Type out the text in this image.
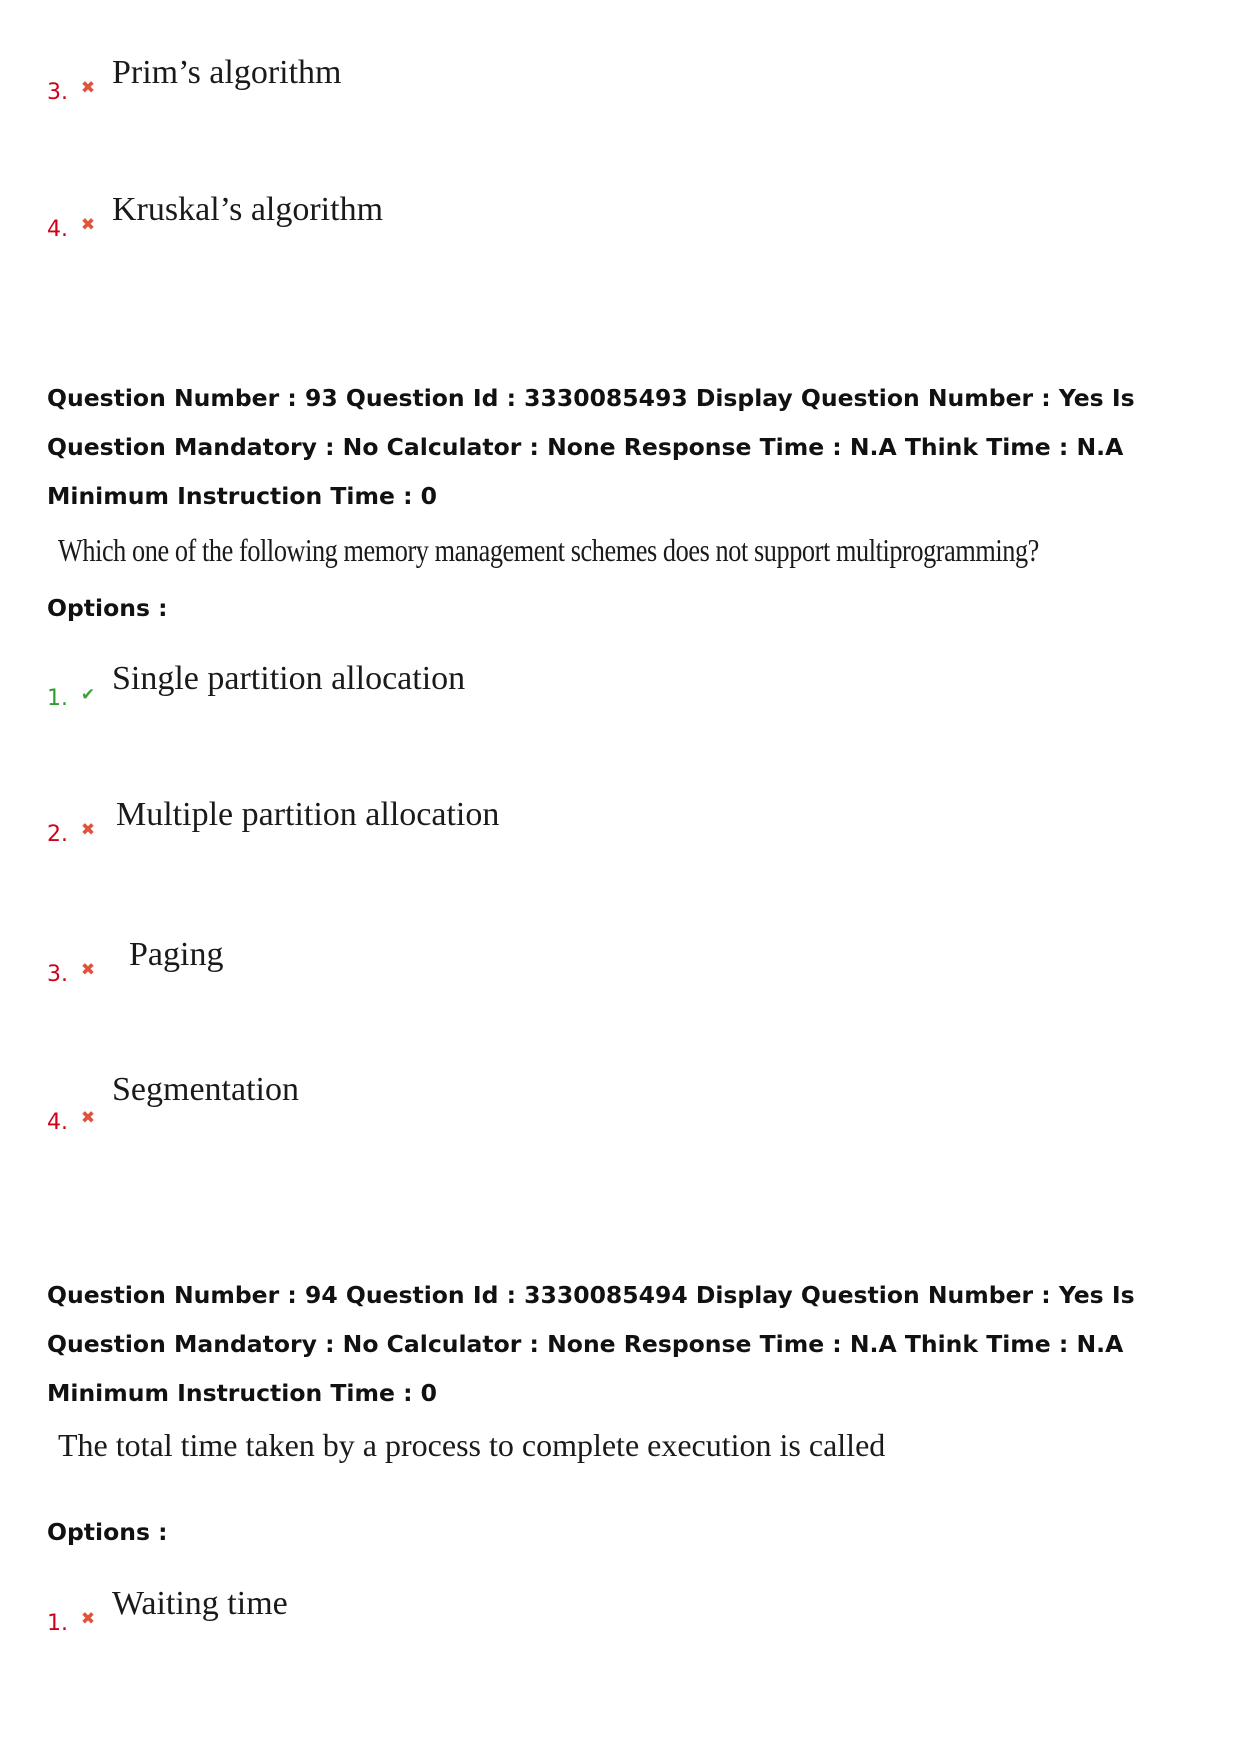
3. ✖ Prim’s algorithm
4. ✖ Kruskal’s algorithm
Question Number : 93 Question Id : 3330085493 Display Question Number : Yes Is Question Mandatory : No Calculator : None Response Time : N.A Think Time : N.A Minimum Instruction Time : 0
Which one of the following memory management schemes does not support multiprogramming?
Options :
1. ✔ Single partition allocation
2. ✖ Multiple partition allocation
3. ✖ Paging
4. ✖
Segmentation
Question Number : 94 Question Id : 3330085494 Display Question Number : Yes Is Question Mandatory : No Calculator : None Response Time : N.A Think Time : N.A Minimum Instruction Time : 0
The total time taken by a process to complete execution is called
Options :
1. ✖ Waiting time
